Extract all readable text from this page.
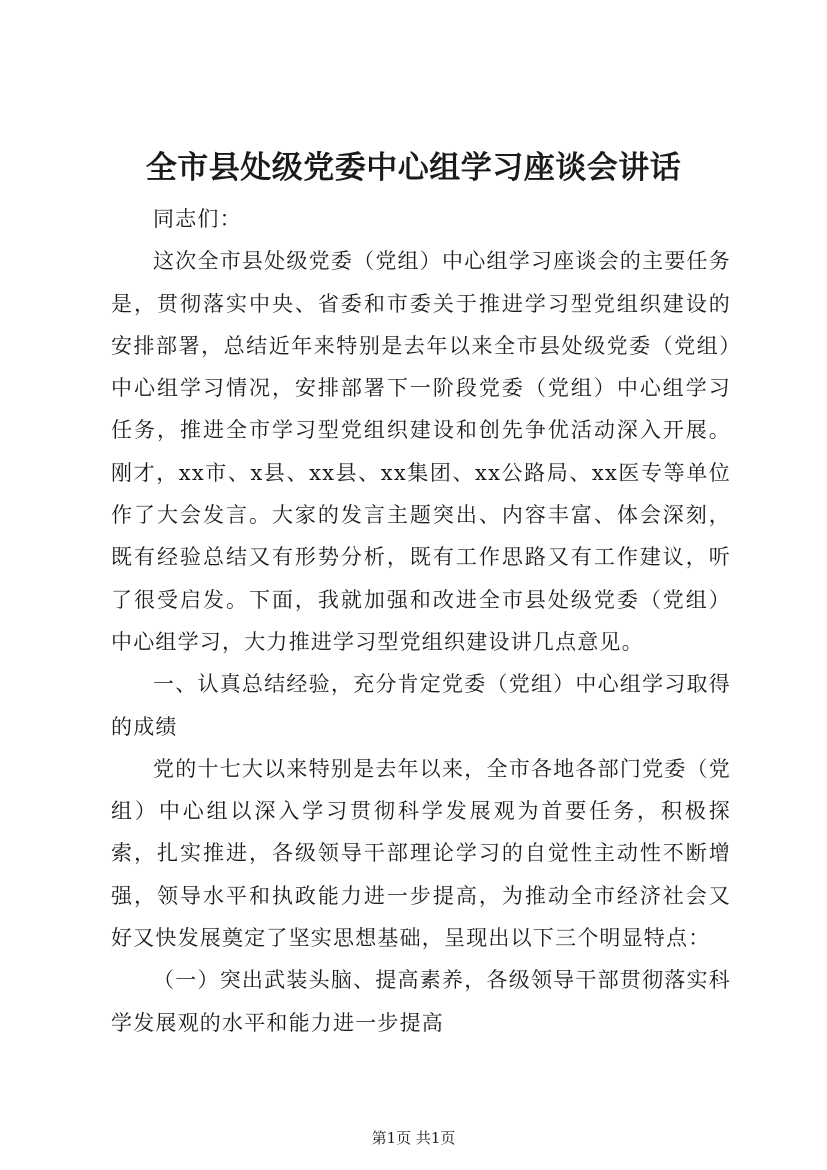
全市县处级党委中心组学习座谈会讲话

同志们：

这次全市县处级党委（党组）中心组学习座谈会的主要任务是，贯彻落实中央、省委和市委关于推进学习型党组织建设的安排部署，总结近年来特别是去年以来全市县处级党委（党组）中心组学习情况，安排部署下一阶段党委（党组）中心组学习任务，推进全市学习型党组织建设和创先争优活动深入开展。刚才，xx市、x县、xx县、xx集团、xx公路局、xx医专等单位作了大会发言。大家的发言主题突出、内容丰富、体会深刻，既有经验总结又有形势分析，既有工作思路又有工作建议，听了很受启发。下面，我就加强和改进全市县处级党委（党组）中心组学习，大力推进学习型党组织建设讲几点意见。

一、认真总结经验，充分肯定党委（党组）中心组学习取得的成绩

党的十七大以来特别是去年以来，全市各地各部门党委（党组）中心组以深入学习贯彻科学发展观为首要任务，积极探索，扎实推进，各级领导干部理论学习的自觉性主动性不断增强，领导水平和执政能力进一步提高，为推动全市经济社会又好又快发展奠定了坚实思想基础，呈现出以下三个明显特点：

（一）突出武装头脑、提高素养，各级领导干部贯彻落实科学发展观的水平和能力进一步提高

第1页 共1页
